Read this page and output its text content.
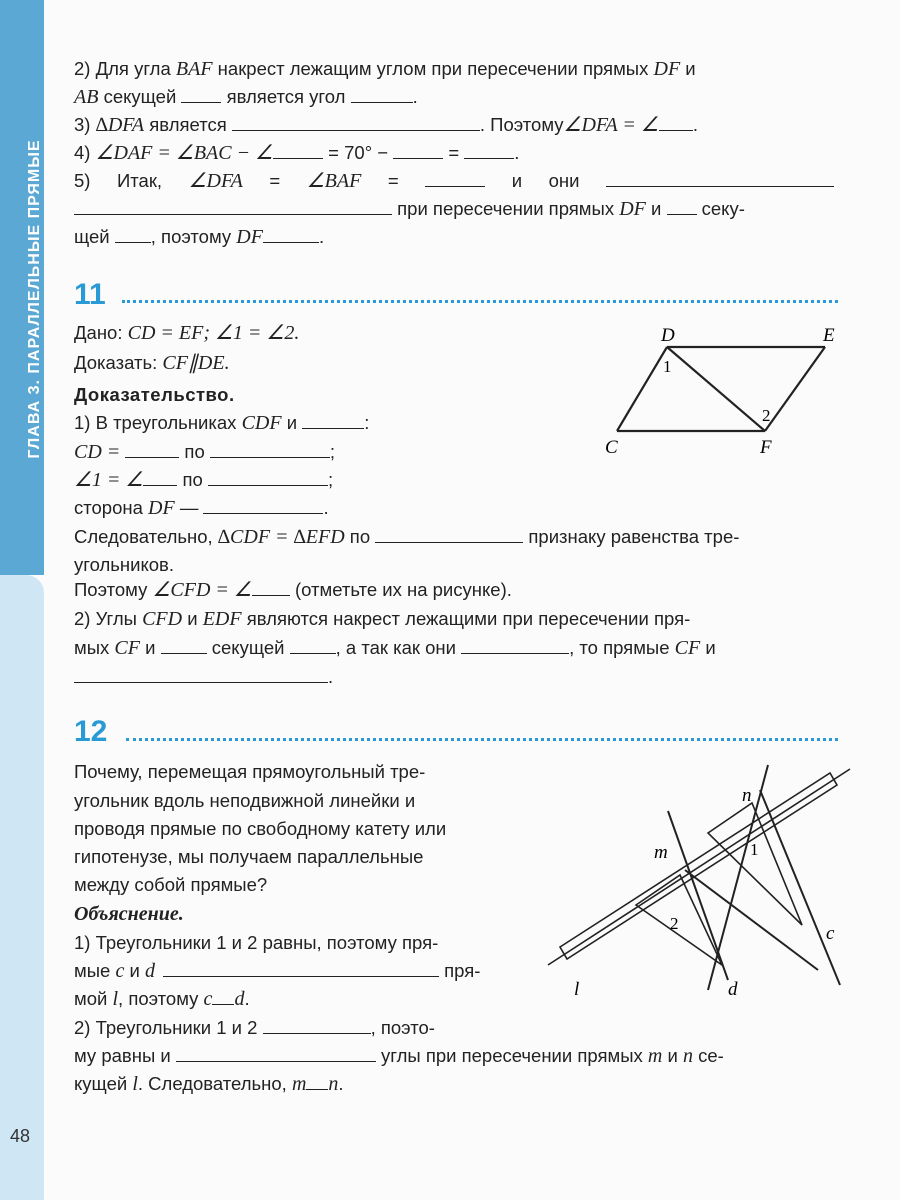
ГЛАВА 3. ПАРАЛЛЕЛЬНЫЕ ПРЯМЫЕ
48
2) Для угла BAF накрест лежащим углом при пересечении прямых DF и
AB секущей  является угол	.
3) ∆DFA является	. Поэтому∠DFA = ∠ .
4) ∠DAF = ∠BAC − ∠	= 70° −	=	.
5) Итак, ∠DFA = ∠BAF =	и они
при пересечении прямых DF и  секу-
щей , поэтому DF	.
11
Дано: CD = EF; ∠1 = ∠2.
Доказать: CF∥DE.
Доказательство.
1) В треугольниках CDF и	:
CD =	по	;
∠1 = ∠ по	;
сторона DF —	.
Следовательно, ∆CDF = ∆EFD по	признаку равенства тре-
угольников.
Поэтому ∠CFD = ∠ (отметьте их на рисунке).
2) Углы CFD и EDF являются накрест лежащими при пересечении пря-
мых CF и  секущей , а так как они	, то прямые CF и
.
D	E
C	F
1
2
12
Почему, перемещая прямоугольный тре-
угольник вдоль неподвижной линейки и
проводя прямые по свободному катету или
гипотенузе, мы получаем параллельные
между собой прямые?
Объяснение.
1) Треугольники 1 и 2 равны, поэтому пря-
мые c и d	пря-
мой l, поэтому c d.
2) Треугольники 1 и 2	, поэто-
му равны и	углы при пересечении прямых m и n се-
кущей l. Следовательно, m n.
n
m	1
2	c
l	d
